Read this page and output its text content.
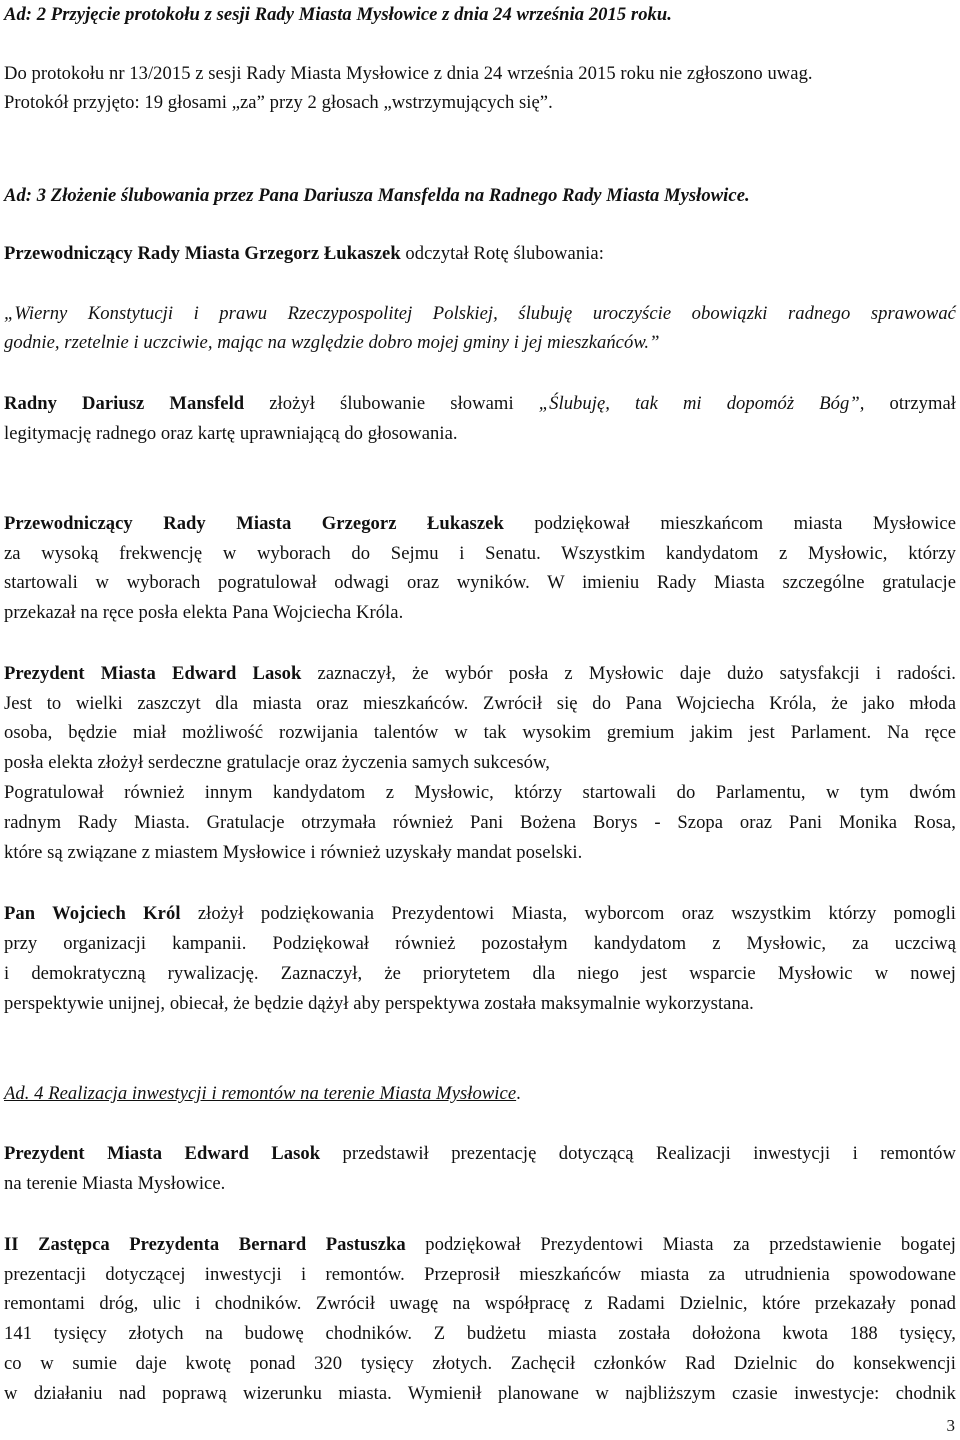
Ad: 2 Przyjęcie protokołu z sesji Rady Miasta Mysłowice z dnia 24 września 2015 roku.
Do protokołu nr 13/2015 z sesji Rady Miasta Mysłowice z dnia 24 września 2015 roku nie zgłoszono uwag.
Protokół przyjęto: 19 głosami „za” przy 2 głosach „wstrzymujących się”.
Ad: 3 Złożenie ślubowania przez Pana Dariusza Mansfelda na Radnego Rady Miasta Mysłowice.
Przewodniczący Rady Miasta Grzegorz Łukaszek odczytał Rotę ślubowania:
„Wierny Konstytucji i prawu Rzeczypospolitej Polskiej, ślubuję uroczyście obowiązki radnego sprawować
godnie, rzetelnie i uczciwie, mając na względzie dobro mojej gminy i jej mieszkańców.”
Radny Dariusz Mansfeld złożył ślubowanie słowami „Ślubuję, tak mi dopomóż Bóg”, otrzymał
legitymację radnego oraz kartę uprawniającą do głosowania.
Przewodniczący Rady Miasta Grzegorz Łukaszek podziękował mieszkańcom miasta Mysłowice
za wysoką frekwencję w wyborach do Sejmu i Senatu. Wszystkim kandydatom z Mysłowic, którzy
startowali w wyborach pogratulował odwagi oraz wyników. W imieniu Rady Miasta szczególne gratulacje
przekazał na ręce posła elekta Pana Wojciecha Króla.
Prezydent Miasta Edward Lasok zaznaczył, że wybór posła z Mysłowic daje dużo satysfakcji i radości.
Jest to wielki zaszczyt dla miasta oraz mieszkańców. Zwrócił się do Pana Wojciecha Króla, że jako młoda
osoba, będzie miał możliwość rozwijania talentów w tak wysokim gremium jakim jest Parlament. Na ręce
posła elekta złożył serdeczne gratulacje oraz życzenia samych sukcesów,
Pogratulował również innym kandydatom z Mysłowic, którzy startowali do Parlamentu, w tym dwóm
radnym Rady Miasta. Gratulacje otrzymała również Pani Bożena Borys - Szopa oraz Pani Monika Rosa,
które są związane z miastem Mysłowice i również uzyskały mandat poselski.
Pan Wojciech Król złożył podziękowania Prezydentowi Miasta, wyborcom oraz wszystkim którzy pomogli
przy organizacji kampanii. Podziękował również pozostałym kandydatom z Mysłowic, za uczciwą
i demokratyczną rywalizację. Zaznaczył, że priorytetem dla niego jest wsparcie Mysłowic w nowej
perspektywie unijnej, obiecał, że będzie dążył aby perspektywa została maksymalnie wykorzystana.
Ad. 4 Realizacja inwestycji i remontów na terenie Miasta Mysłowice.
Prezydent Miasta Edward Lasok przedstawił prezentację dotyczącą Realizacji inwestycji i remontów
na terenie Miasta Mysłowice.
II Zastępca Prezydenta Bernard Pastuszka podziękował Prezydentowi Miasta za przedstawienie bogatej
prezentacji dotyczącej inwestycji i remontów. Przeprosił mieszkańców miasta za utrudnienia spowodowane
remontami dróg, ulic i chodników. Zwrócił uwagę na współpracę z Radami Dzielnic, które przekazały ponad
141 tysięcy złotych na budowę chodników. Z budżetu miasta została dołożona kwota 188 tysięcy,
co w sumie daje kwotę ponad 320 tysięcy złotych. Zachęcił członków Rad Dzielnic do konsekwencji
w działaniu nad poprawą wizerunku miasta. Wymienił planowane w najbliższym czasie inwestycje: chodnik
3
